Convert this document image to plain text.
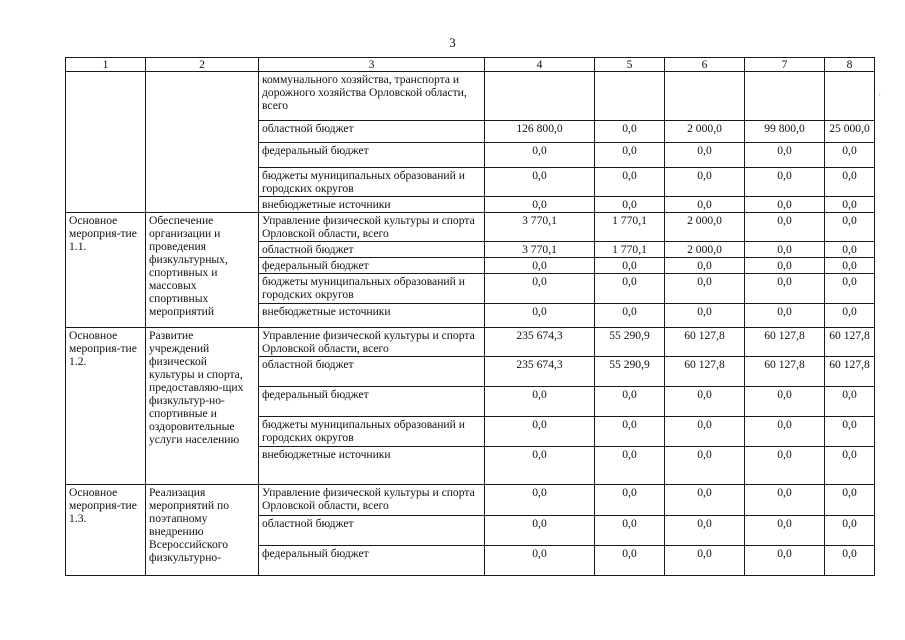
3
'
1	2	3	4	5	6	7	8
		коммунального хозяйства, транспорта и дорожного хозяйства Орловской области, всего					
		областной бюджет	126 800,0	0,0	2 000,0	99 800,0	25 000,0
		федеральный бюджет	0,0	0,0	0,0	0,0	0,0
		бюджеты муниципальных образований и городских округов	0,0	0,0	0,0	0,0	0,0
		внебюджетные источники	0,0	0,0	0,0	0,0	0,0
Основное мероприя-тие 1.1.	Обеспечение организации и проведения физкультурных, спортивных и массовых спортивных мероприятий	Управление физической культуры и спорта Орловской области, всего	3 770,1	1 770,1	2 000,0	0,0	0,0
		областной бюджет	3 770,1	1 770,1	2 000,0	0,0	0,0
		федеральный бюджет	0,0	0,0	0,0	0,0	0,0
		бюджеты муниципальных образований и городских округов	0,0	0,0	0,0	0,0	0,0
		внебюджетные источники	0,0	0,0	0,0	0,0	0,0
Основное мероприя-тие 1.2.	Развитие учреждений физической культуры и спорта, предоставляю-щих физкультур-но-спортивные и оздоровительные услуги населению	Управление физической культуры и спорта Орловской области, всего	235 674,3	55 290,9	60 127,8	60 127,8	60 127,8
		областной бюджет	235 674,3	55 290,9	60 127,8	60 127,8	60 127,8
		федеральный бюджет	0,0	0,0	0,0	0,0	0,0
		бюджеты муниципальных образований и городских округов	0,0	0,0	0,0	0,0	0,0
		внебюджетные источники	0,0	0,0	0,0	0,0	0,0
Основное мероприя-тие 1.3.	Реализация мероприятий по поэтапному внедрению Всероссийского физкультурно-	Управление физической культуры и спорта Орловской области, всего	0,0	0,0	0,0	0,0	0,0
		областной бюджет	0,0	0,0	0,0	0,0	0,0
		федеральный бюджет	0,0	0,0	0,0	0,0	0,0
